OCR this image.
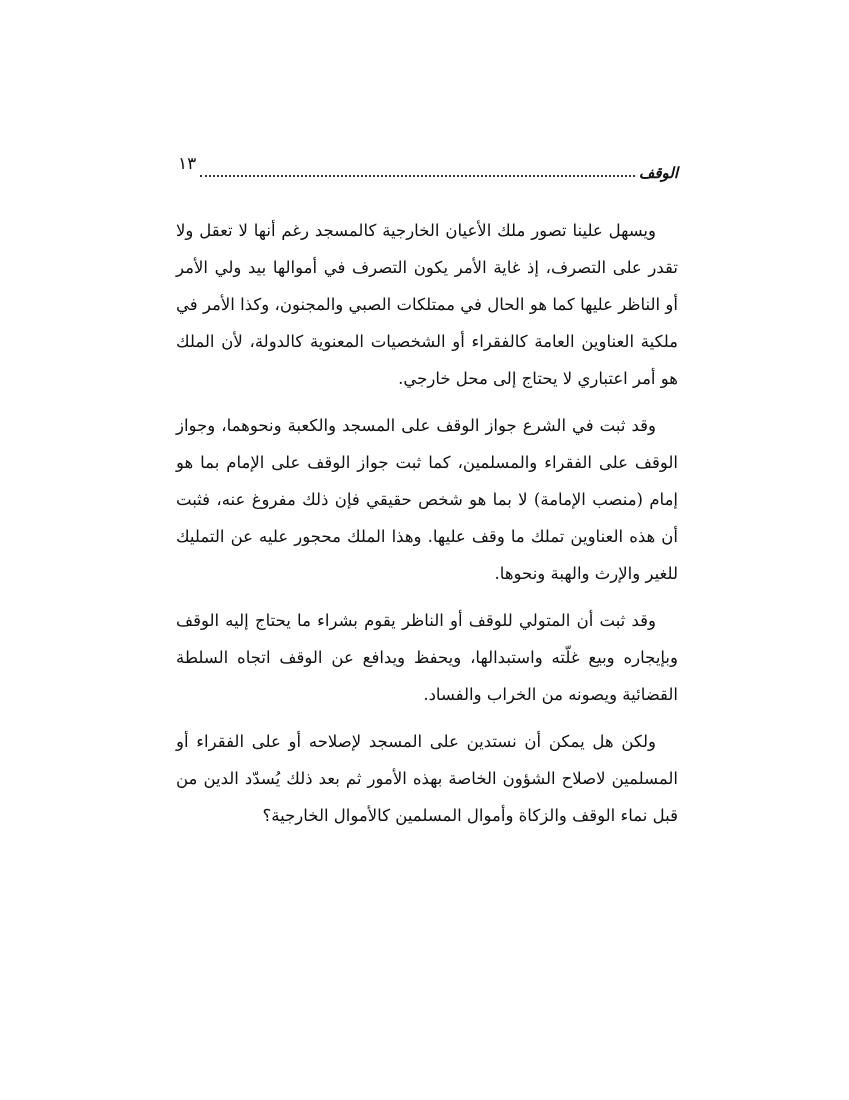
الوقف
١٣

ويسهل علينا تصور ملك الأعيان الخارجية كالمسجد رغم أنها لا تعقل ولا تقدر على التصرف، إذ غاية الأمر يكون التصرف في أموالها بيد ولي الأمر أو الناظر عليها كما هو الحال في ممتلكات الصبي والمجنون، وكذا الأمر في ملكية العناوين العامة كالفقراء أو الشخصيات المعنوية كالدولة، لأن الملك هو أمر اعتباري لا يحتاج إلى محل خارجي.

وقد ثبت في الشرع جواز الوقف على المسجد والكعبة ونحوهما، وجواز الوقف على الفقراء والمسلمين، كما ثبت جواز الوقف على الإمام بما هو إمام (منصب الإمامة) لا بما هو شخص حقيقي فإن ذلك مفروغ عنه، فثبت أن هذه العناوين تملك ما وقف عليها. وهذا الملك محجور عليه عن التمليك للغير والإرث والهبة ونحوها.

وقد ثبت أن المتولي للوقف أو الناظر يقوم بشراء ما يحتاج إليه الوقف وبإيجاره وبيع غلّته واستبدالها، ويحفظ ويدافع عن الوقف اتجاه السلطة القضائية ويصونه من الخراب والفساد.

ولكن هل يمكن أن نستدين على المسجد لإصلاحه أو على الفقراء أو المسلمين لاصلاح الشؤون الخاصة بهذه الأمور ثم بعد ذلك يُسدّد الدين من قبل نماء الوقف والزكاة وأموال المسلمين كالأموال الخارجية؟
